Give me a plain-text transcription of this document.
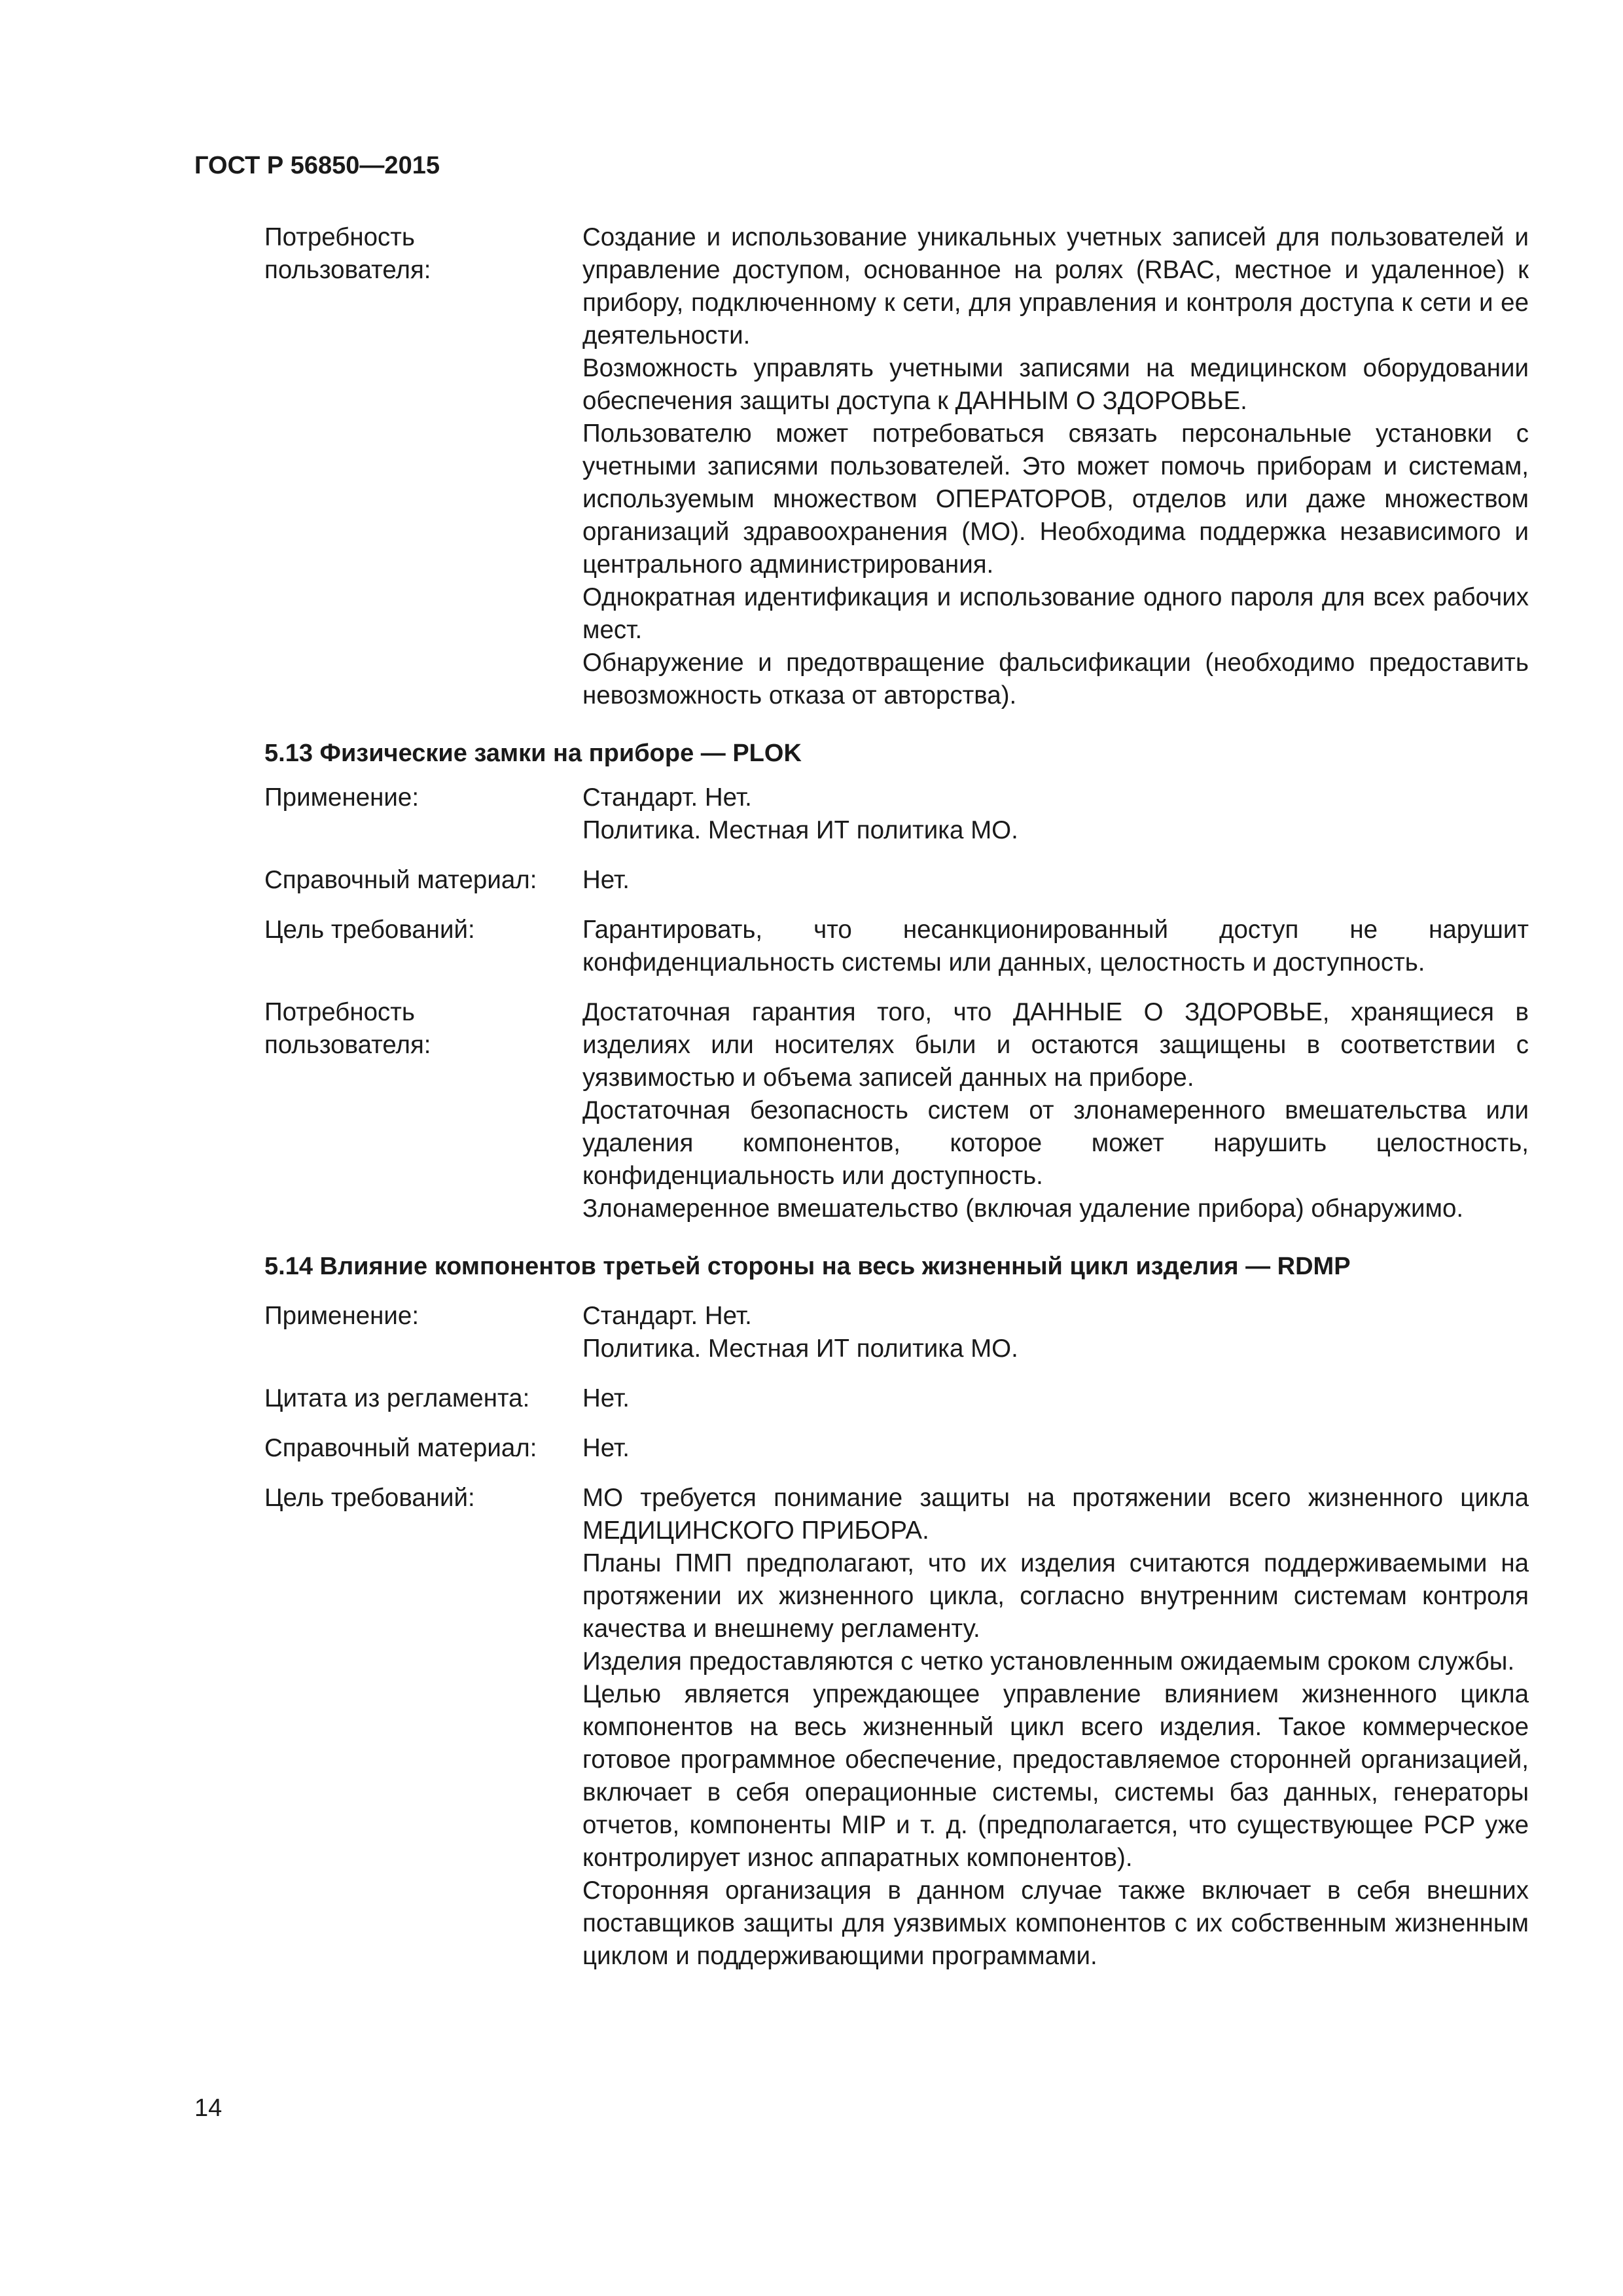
ГОСТ Р 56850—2015
Потребность
пользователя:

Создание и использование уникальных учетных записей для пользователей и управление доступом, основанное на ролях (RBAC, местное и удаленное) к прибору, подключенному к сети, для управления и контроля доступа к сети и ее деятельности.

Возможность управлять учетными записями на медицинском оборудовании обеспечения защиты доступа к ДАННЫМ О ЗДОРОВЬЕ.

Пользователю может потребоваться связать персональные установки с учетными записями пользователей. Это может помочь приборам и системам, используемым множеством ОПЕРАТОРОВ, отделов или даже множеством организаций здравоохранения (МО). Необходима поддержка независимого и центрального администрирования.

Однократная идентификация и использование одного пароля для всех рабочих мест.

Обнаружение и предотвращение фальсификации (необходимо предоставить невозможность отказа от авторства).

5.13 Физические замки на приборе — PLOK
Применение:	Стандарт. Нет.
Политика. Местная ИТ политика МО.
Справочный материал:	Нет.
Цель требований:	Гарантировать, что несанкционированный доступ не нарушит конфиденциальность системы или данных, целостность и доступность.

Потребность
пользователя:

Достаточная гарантия того, что ДАННЫЕ О ЗДОРОВЬЕ, хранящиеся в изделиях или носителях были и остаются защищены в соответствии с уязвимостью и объема записей данных на приборе.

Достаточная безопасность систем от злонамеренного вмешательства или удаления компонентов, которое может нарушить целостность, конфиденциальность или доступность.

Злонамеренное вмешательство (включая удаление прибора) обнаружимо.

5.14 Влияние компонентов третьей стороны на весь жизненный цикл изделия — RDMP
Применение:	Стандарт. Нет.
Политика. Местная ИТ политика МО.
Цитата из регламента:	Нет.
Справочный материал:	Нет.
Цель требований:	МО требуется понимание защиты на протяжении всего жизненного цикла МЕДИЦИНСКОГО ПРИБОРА.

Планы ПМП предполагают, что их изделия считаются поддерживаемыми на протяжении их жизненного цикла, согласно внутренним системам контроля качества и внешнему регламенту.

Изделия предоставляются с четко установленным ожидаемым сроком службы.

Целью является упреждающее управление влиянием жизненного цикла компонентов на весь жизненный цикл всего изделия. Такое коммерческое готовое программное обеспечение, предоставляемое сторонней организацией, включает в себя операционные системы, системы баз данных, генераторы отчетов, компоненты MIP и т. д. (предполагается, что существующее PCP уже контролирует износ аппаратных компонентов).

Сторонняя организация в данном случае также включает в себя внешних поставщиков защиты для уязвимых компонентов с их собственным жизненным циклом и поддерживающими программами.

14
